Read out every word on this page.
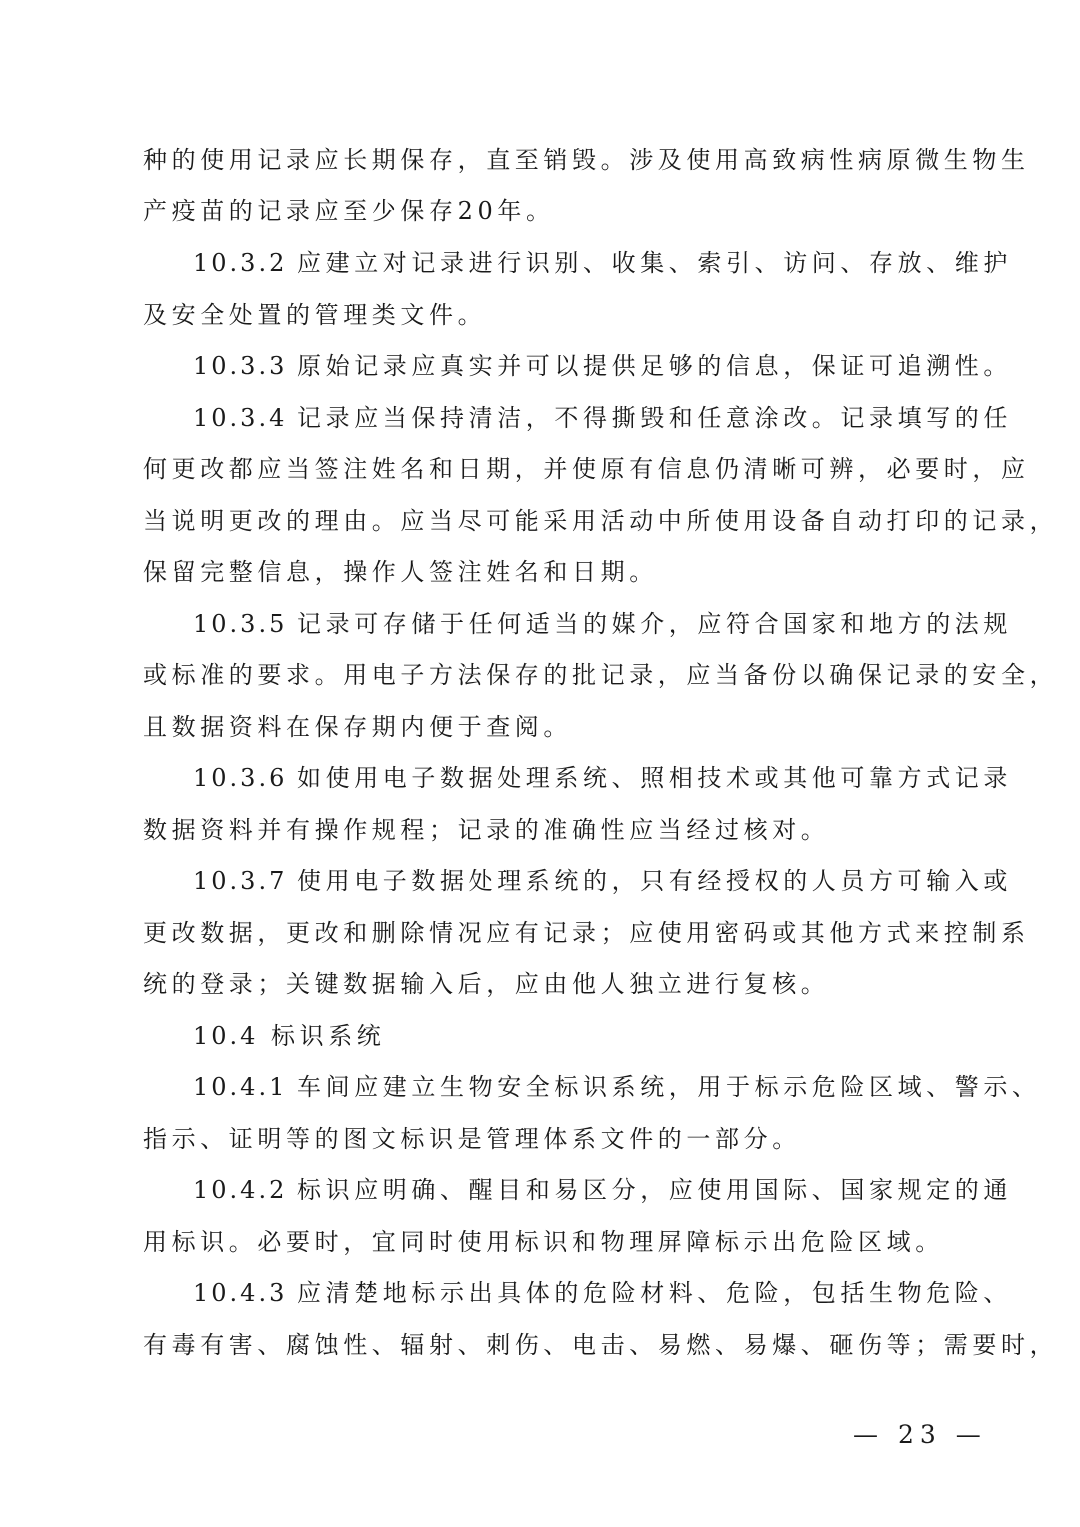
种的使用记录应长期保存，直至销毁。涉及使用高致病性病原微生物生
产疫苗的记录应至少保存20年。
10.3.2 应建立对记录进行识别、收集、索引、访问、存放、维护
及安全处置的管理类文件。
10.3.3 原始记录应真实并可以提供足够的信息，保证可追溯性。
10.3.4 记录应当保持清洁，不得撕毁和任意涂改。记录填写的任
何更改都应当签注姓名和日期，并使原有信息仍清晰可辨，必要时，应
当说明更改的理由。应当尽可能采用活动中所使用设备自动打印的记录，
保留完整信息，操作人签注姓名和日期。
10.3.5 记录可存储于任何适当的媒介，应符合国家和地方的法规
或标准的要求。用电子方法保存的批记录，应当备份以确保记录的安全，
且数据资料在保存期内便于查阅。
10.3.6 如使用电子数据处理系统、照相技术或其他可靠方式记录
数据资料并有操作规程；记录的准确性应当经过核对。
10.3.7 使用电子数据处理系统的，只有经授权的人员方可输入或
更改数据，更改和删除情况应有记录；应使用密码或其他方式来控制系
统的登录；关键数据输入后，应由他人独立进行复核。
10.4 标识系统
10.4.1 车间应建立生物安全标识系统，用于标示危险区域、警示、
指示、证明等的图文标识是管理体系文件的一部分。
10.4.2 标识应明确、醒目和易区分，应使用国际、国家规定的通
用标识。必要时，宜同时使用标识和物理屏障标示出危险区域。
10.4.3 应清楚地标示出具体的危险材料、危险，包括生物危险、
有毒有害、腐蚀性、辐射、刺伤、电击、易燃、易爆、砸伤等；需要时，
— 23 —
